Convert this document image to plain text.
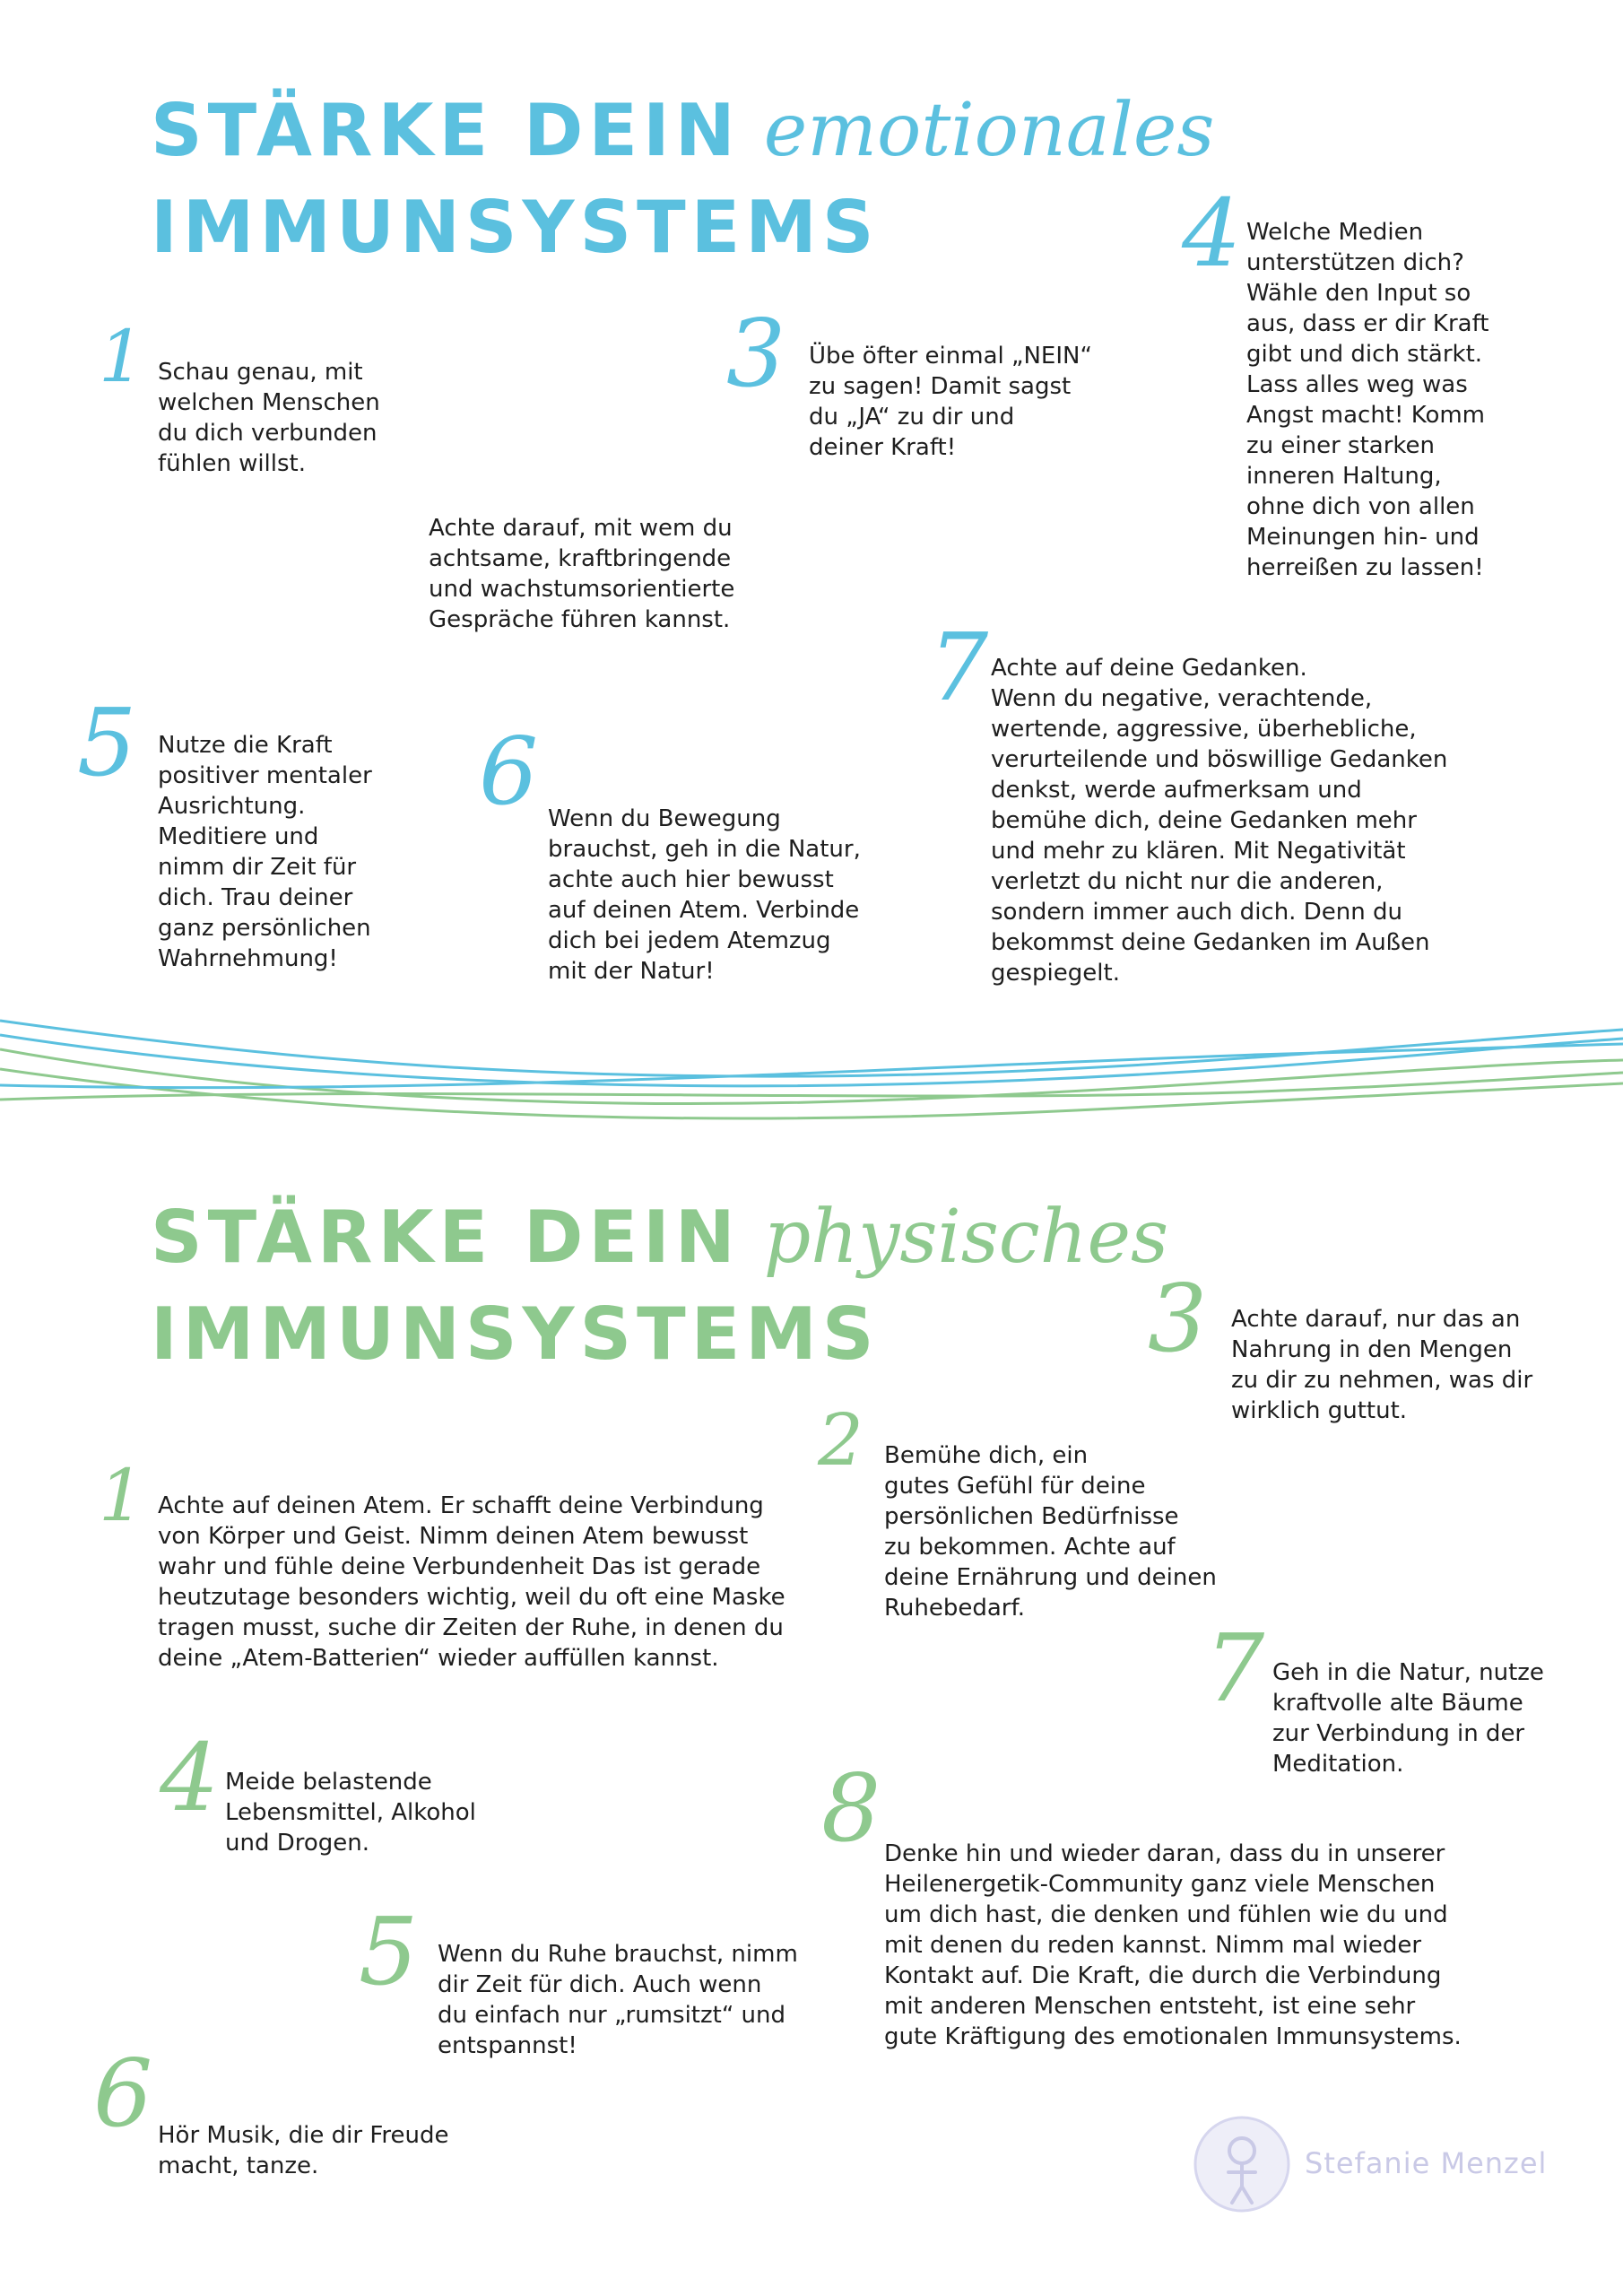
STÄRKE DEIN emotionales
IMMUNSYSTEMS
1 Schau genau, mit
welchen Menschen
du dich verbunden
fühlen willst.

Achte darauf, mit wem du
achtsame, kraftbringende
und wachstumsorientierte
Gespräche führen kannst.

3 Übe öfter einmal „NEIN“
zu sagen! Damit sagst
du „JA“ zu dir und
deiner Kraft!

4 Welche Medien
unterstützen dich?
Wähle den Input so
aus, dass er dir Kraft
gibt und dich stärkt.
Lass alles weg was
Angst macht! Komm
zu einer starken
inneren Haltung,
ohne dich von allen
Meinungen hin- und
herreißen zu lassen!

5 Nutze die Kraft
positiver mentaler
Ausrichtung.
Meditiere und
nimm dir Zeit für
dich. Trau deiner
ganz persönlichen
Wahrnehmung!

6 Wenn du Bewegung
brauchst, geh in die Natur,
achte auch hier bewusst
auf deinen Atem. Verbinde
dich bei jedem Atemzug
mit der Natur!

7 Achte auf deine Gedanken.
Wenn du negative, verachtende,
wertende, aggressive, überhebliche,
verurteilende und böswillige Gedanken
denkst, werde aufmerksam und
bemühe dich, deine Gedanken mehr
und mehr zu klären. Mit Negativität
verletzt du nicht nur die anderen,
sondern immer auch dich. Denn du
bekommst deine Gedanken im Außen
gespiegelt.

STÄRKE DEIN physisches
IMMUNSYSTEMS
1 Achte auf deinen Atem. Er schafft deine Verbindung
von Körper und Geist. Nimm deinen Atem bewusst
wahr und fühle deine Verbundenheit Das ist gerade
heutzutage besonders wichtig, weil du oft eine Maske
tragen musst, suche dir Zeiten der Ruhe, in denen du
deine „Atem-Batterien“ wieder auffüllen kannst.

2 Bemühe dich, ein
gutes Gefühl für deine
persönlichen Bedürfnisse
zu bekommen. Achte auf
deine Ernährung und deinen
Ruhebedarf.

3 Achte darauf, nur das an
Nahrung in den Mengen
zu dir zu nehmen, was dir
wirklich guttut.

4 Meide belastende
Lebensmittel, Alkohol
und Drogen.

5 Wenn du Ruhe brauchst, nimm
dir Zeit für dich. Auch wenn
du einfach nur „rumsitzt“ und
entspannst!

6 Hör Musik, die dir Freude
macht, tanze.

7 Geh in die Natur, nutze
kraftvolle alte Bäume
zur Verbindung in der
Meditation.

8 Denke hin und wieder daran, dass du in unserer
Heilenergetik-Community ganz viele Menschen
um dich hast, die denken und fühlen wie du und
mit denen du reden kannst. Nimm mal wieder
Kontakt auf. Die Kraft, die durch die Verbindung
mit anderen Menschen entsteht, ist eine sehr
gute Kräftigung des emotionalen Immunsystems.

Stefanie Menzel
